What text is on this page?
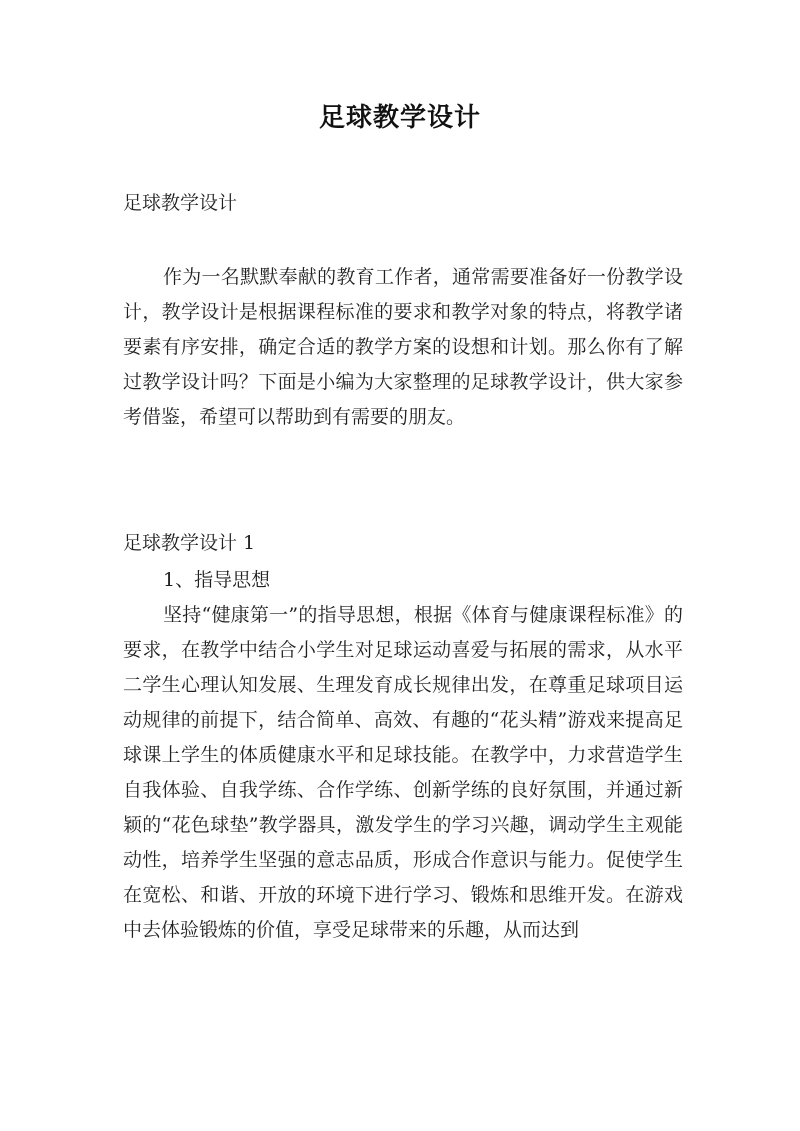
足球教学设计

足球教学设计

作为一名默默奉献的教育工作者，通常需要准备好一份教学设计，教学设计是根据课程标准的要求和教学对象的特点，将教学诸要素有序安排，确定合适的教学方案的设想和计划。那么你有了解过教学设计吗？下面是小编为大家整理的足球教学设计，供大家参考借鉴，希望可以帮助到有需要的朋友。

足球教学设计 1

1、指导思想

坚持“健康第一”的指导思想，根据《体育与健康课程标准》的要求，在教学中结合小学生对足球运动喜爱与拓展的需求，从水平二学生心理认知发展、生理发育成长规律出发，在尊重足球项目运动规律的前提下，结合简单、高效、有趣的“花头精”游戏来提高足球课上学生的体质健康水平和足球技能。在教学中，力求营造学生自我体验、自我学练、合作学练、创新学练的良好氛围，并通过新颖的“花色球垫”教学器具，激发学生的学习兴趣，调动学生主观能动性，培养学生坚强的意志品质，形成合作意识与能力。促使学生在宽松、和谐、开放的环境下进行学习、锻炼和思维开发。在游戏中去体验锻炼的价值，享受足球带来的乐趣，从而达到
